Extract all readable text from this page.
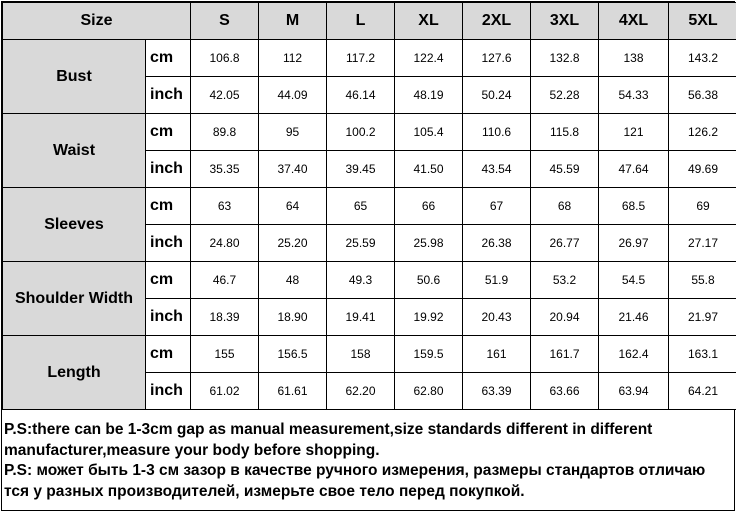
Size		S	M	L	XL	2XL	3XL	4XL	5XL
Bust	cm	106.8	112	117.2	122.4	127.6	132.8	138	143.2
	inch	42.05	44.09	46.14	48.19	50.24	52.28	54.33	56.38
Waist	cm	89.8	95	100.2	105.4	110.6	115.8	121	126.2
	inch	35.35	37.40	39.45	41.50	43.54	45.59	47.64	49.69
Sleeves	cm	63	64	65	66	67	68	68.5	69
	inch	24.80	25.20	25.59	25.98	26.38	26.77	26.97	27.17
Shoulder Width	cm	46.7	48	49.3	50.6	51.9	53.2	54.5	55.8
	inch	18.39	18.90	19.41	19.92	20.43	20.94	21.46	21.97
Length	cm	155	156.5	158	159.5	161	161.7	162.4	163.1
	inch	61.02	61.61	62.20	62.80	63.39	63.66	63.94	64.21
P.S:there can be 1-3cm gap as manual measurement,size standards different in different
manufacturer,measure your body before shopping.
P.S: может быть 1-3 см зазор в качестве ручного измерения, размеры стандартов отличаю
тся у разных производителей, измерьте свое тело перед покупкой.
